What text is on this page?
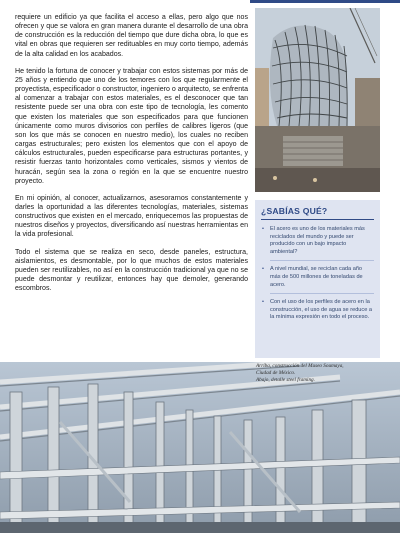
requiere un edificio ya que facilita el acceso a ellas, pero algo que nos ofrecen y que se valora en gran manera durante el desarrollo de una obra de construcción es la reducción del tiempo que dure dicha obra, lo que es vital en obras que requieren ser redituables en muy corto tiempo, además de la alta calidad en los acabados.

He tenido la fortuna de conocer y trabajar con estos sistemas por más de 25 años y entiendo que uno de los temores con los que regularmente el proyectista, especificador o constructor, ingeniero o arquitecto, se enfrenta al comenzar a trabajar con estos materiales, es el desconocer que tan resistente puede ser una obra con este tipo de tecnología, les comento que existen los materiales que son especificados para que funcionen únicamente como muros divisorios con perfiles de calibres ligeros (que son los que más se conocen en nuestro medio), los cuales no reciben cargas estructurales; pero existen los elementos que con el apoyo de cálculos estructurales, pueden especificarse para estructuras portantes, y resistir fuerzas tanto horizontales como verticales, sismos y vientos de huracán, según sea la zona o región en la que se encuentre nuestro proyecto.

En mi opinión, al conocer, actualizarnos, asesorarnos constantemente y darles la oportunidad a las diferentes tecnologías, materiales, sistemas constructivos que existen en el mercado, enriquecemos las propuestas de nuestros diseños y proyectos, diversificando así nuestras herramientas en la vida profesional.

Todo el sistema que se realiza en seco, desde paneles, estructura, aislamientos, es desmontable, por lo que muchos de estos materiales pueden ser reutilizables, no así en la construcción tradicional ya que no se puede desmontar y reutilizar, entonces hay que demoler, generando escombros.

¿SABÍAS QUÉ?
• El acero es uno de los materiales más reciclados del mundo y puede ser producido con un bajo impacto ambiental?
• A nivel mundial, se reciclan cada año más de 500 millones de toneladas de acero.
• Con el uso de los perfiles de acero en la construcción, el uso de agua se reduce a la mínima expresión en todo el proceso.
Arriba, construcción del Museo Soumaya,
Ciudad de México.
Abajo, detalle steel framing.
